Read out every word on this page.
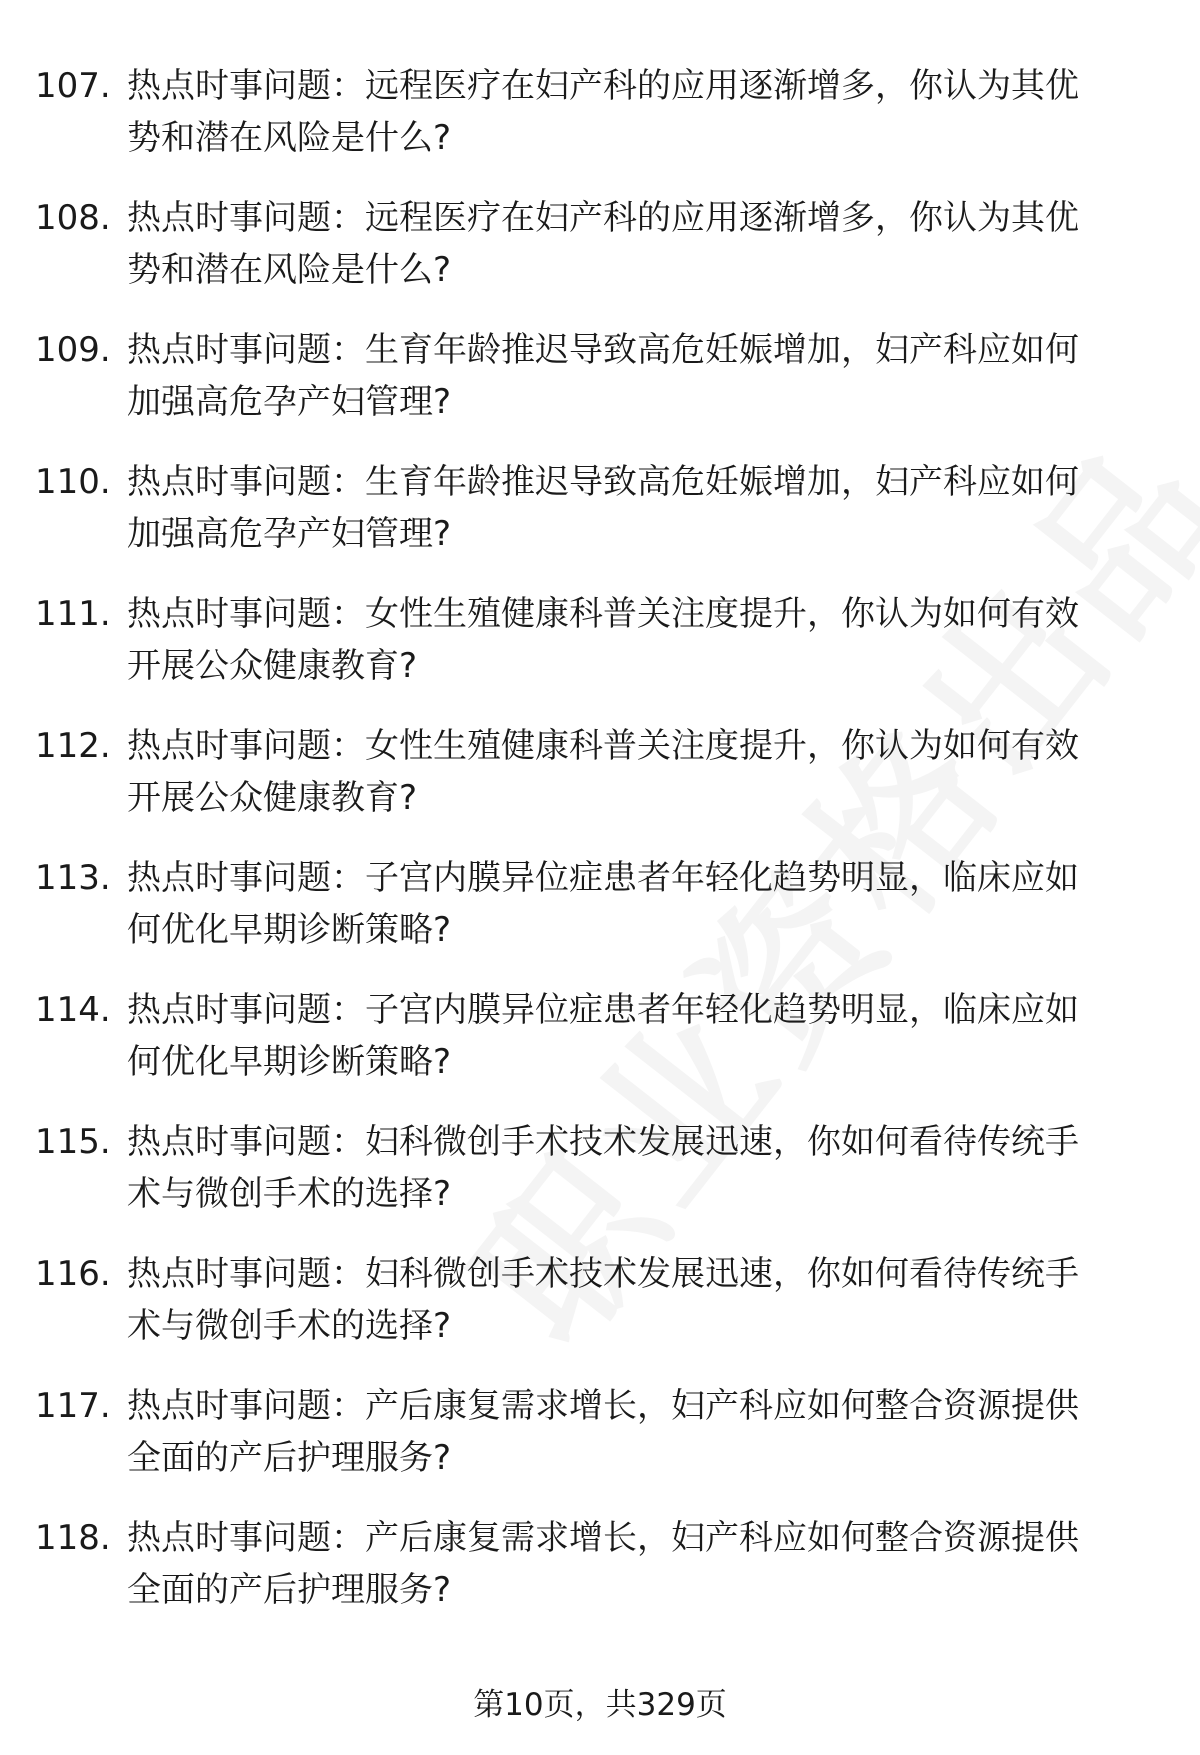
107. 热点时事问题：远程医疗在妇产科的应用逐渐增多，你认为其优
势和潜在风险是什么?
108. 热点时事问题：远程医疗在妇产科的应用逐渐增多，你认为其优
势和潜在风险是什么?
109. 热点时事问题：生育年龄推迟导致高危妊娠增加，妇产科应如何
加强高危孕产妇管理?
110. 热点时事问题：生育年龄推迟导致高危妊娠增加，妇产科应如何
加强高危孕产妇管理?
111. 热点时事问题：女性生殖健康科普关注度提升，你认为如何有效
开展公众健康教育?
112. 热点时事问题：女性生殖健康科普关注度提升，你认为如何有效
开展公众健康教育?
113. 热点时事问题：子宫内膜异位症患者年轻化趋势明显，临床应如
何优化早期诊断策略?
114. 热点时事问题：子宫内膜异位症患者年轻化趋势明显，临床应如
何优化早期诊断策略?
115. 热点时事问题：妇科微创手术技术发展迅速，你如何看待传统手
术与微创手术的选择?
116. 热点时事问题：妇科微创手术技术发展迅速，你如何看待传统手
术与微创手术的选择?
117. 热点时事问题：产后康复需求增长，妇产科应如何整合资源提供
全面的产后护理服务?
118. 热点时事问题：产后康复需求增长，妇产科应如何整合资源提供
全面的产后护理服务?
第10页，共329页
